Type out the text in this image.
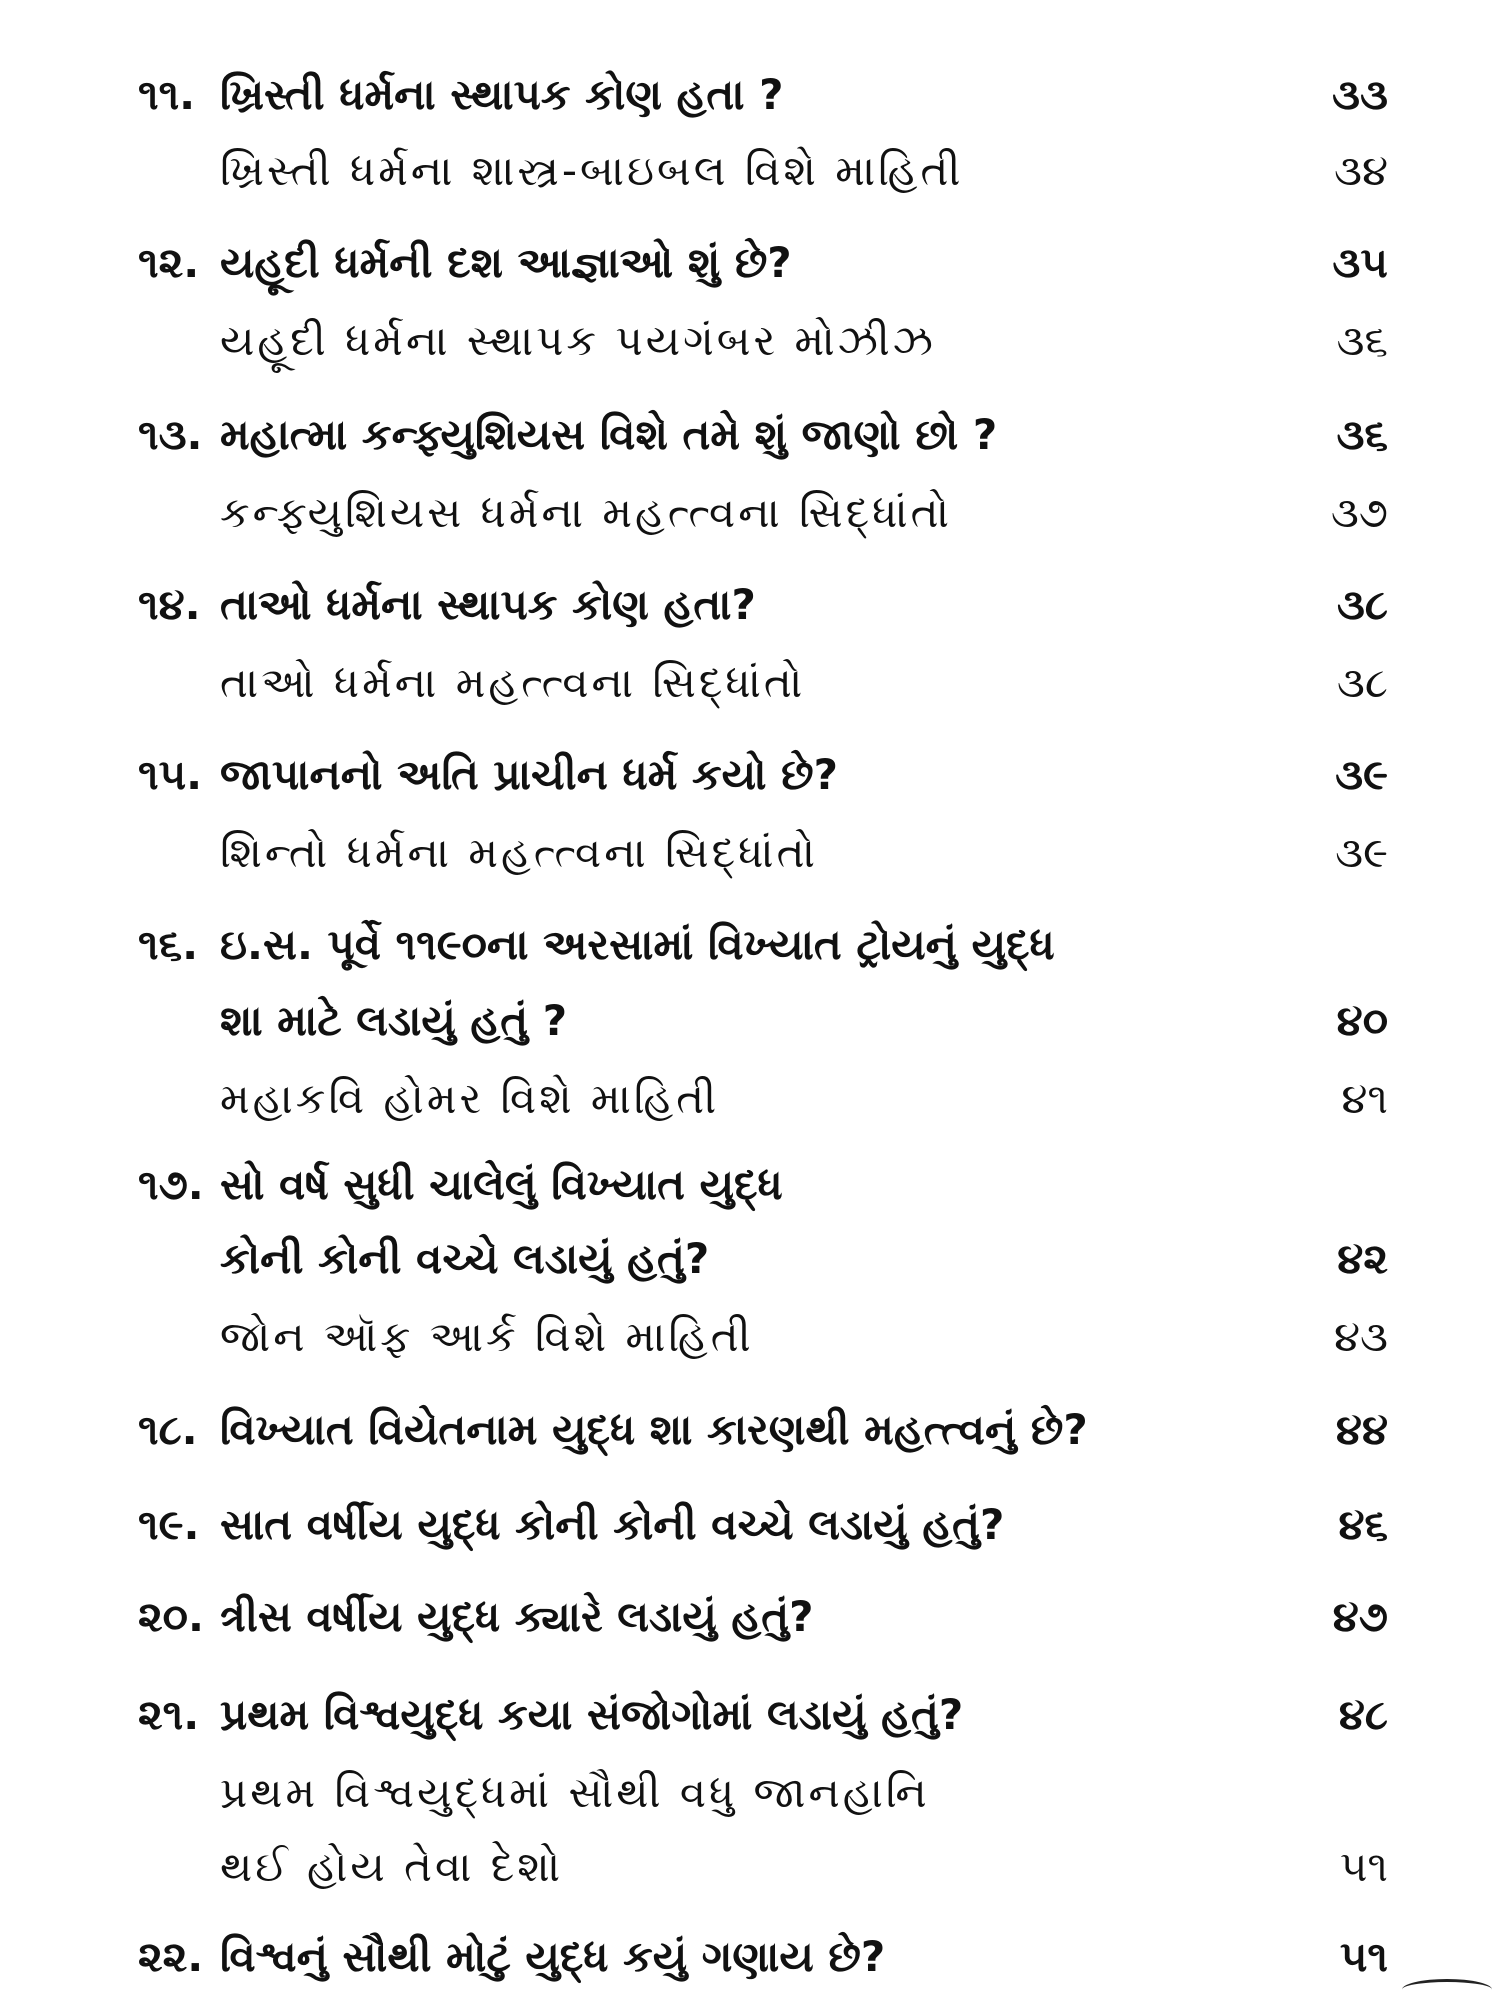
૧૧. ખ્રિસ્તી ધર્મના સ્થાપક કોણ હતા ?	૩૩
ખ્રિસ્તી ધર્મના શાસ્ત્ર-બાઇબલ વિશે માહિતી	૩૪
૧૨. યહૂદી ધર્મની દશ આજ્ઞાઓ શું છે?	૩૫
યહૂદી ધર્મના સ્થાપક પયગંબર મોઝીઝ	૩૬
૧૩. મહાત્મા કન્ફ્યુશિયસ વિશે તમે શું જાણો છો ?	૩૬
કન્ફ્યુશિયસ ધર્મના મહત્ત્વના સિદ્ધાંતો	૩૭
૧૪. તાઓ ધર્મના સ્થાપક કોણ હતા?	૩૮
તાઓ ધર્મના મહત્ત્વના સિદ્ધાંતો	૩૮
૧૫. જાપાનનો અતિ પ્રાચીન ધર્મ કયો છે?	૩૯
શિન્તો ધર્મના મહત્ત્વના સિદ્ધાંતો	૩૯
૧૬. ઇ.સ. પૂર્વે ૧૧૯૦ના અરસામાં વિખ્યાત ટ્રોયનું યુદ્ધ
શા માટે લડાયું હતું ?	૪૦
મહાકવિ હોમર વિશે માહિતી	૪૧
૧૭. સો વર્ષ સુધી ચાલેલું વિખ્યાત યુદ્ધ
કોની કોની વચ્ચે લડાયું હતું?	૪૨
જોન ઑફ આર્ક વિશે માહિતી	૪૩
૧૮. વિખ્યાત વિયેતનામ યુદ્ધ શા કારણથી મહત્ત્વનું છે?	૪૪
૧૯. સાત વર્ષીય યુદ્ધ કોની કોની વચ્ચે લડાયું હતું?	૪૬
૨૦. ત્રીસ વર્ષીય યુદ્ધ ક્યારે લડાયું હતું?	૪૭
૨૧. પ્રથમ વિશ્વયુદ્ધ કયા સંજોગોમાં લડાયું હતું?	૪૮
પ્રથમ વિશ્વયુદ્ધમાં સૌથી વધુ જાનહાનિ
થઈ હોય તેવા દેશો	૫૧
૨૨. વિશ્વનું સૌથી મોટું યુદ્ધ કયું ગણાય છે?	૫૧
